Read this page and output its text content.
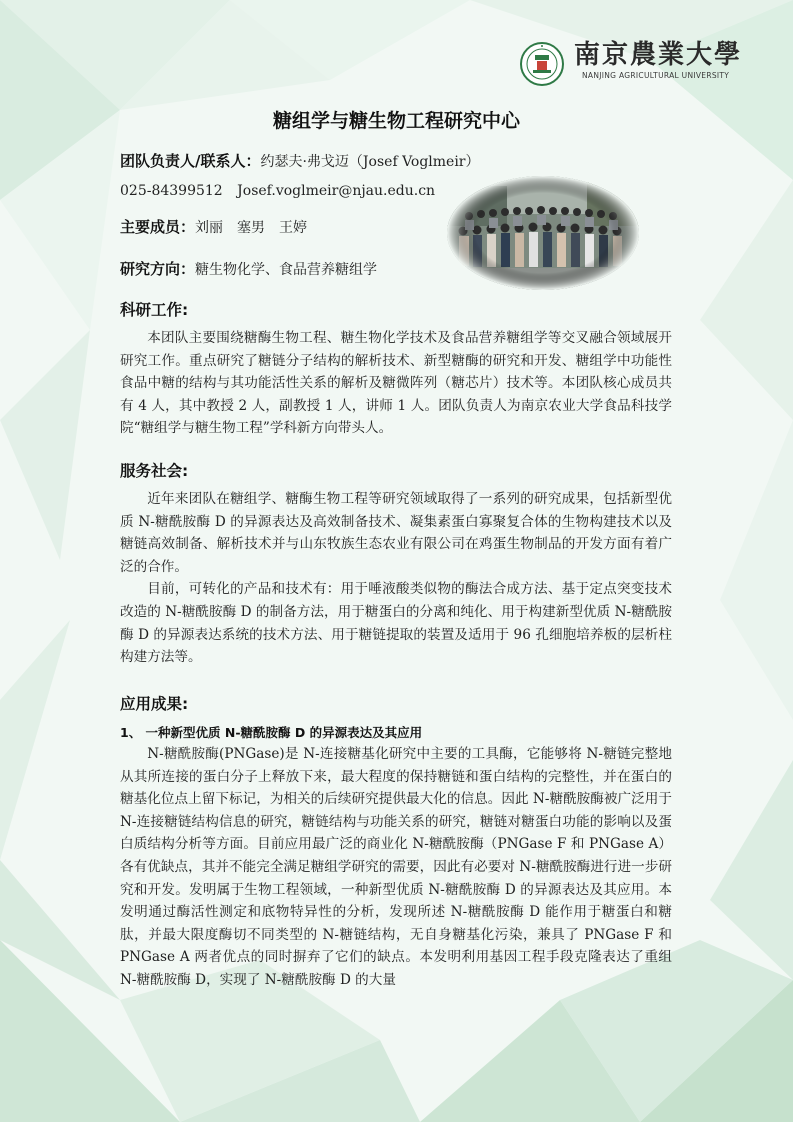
南京農業大學
NANJING AGRICULTURAL UNIVERSITY
糖组学与糖生物工程研究中心
团队负责人/联系人：约瑟夫·弗戈迈（Josef Voglmeir）
025-84399512 Josef.voglmeir@njau.edu.cn
主要成员：刘丽　塞男　王婷
研究方向：糖生物化学、食品营养糖组学
科研工作:

本团队主要围绕糖酶生物工程、糖生物化学技术及食品营养糖组学等交叉融合领域展开研究工作。重点研究了糖链分子结构的解析技术、新型糖酶的研究和开发、糖组学中功能性食品中糖的结构与其功能活性关系的解析及糖微阵列（糖芯片）技术等。本团队核心成员共有 4 人，其中教授 2 人，副教授 1 人，讲师 1 人。团队负责人为南京农业大学食品科技学院“糖组学与糖生物工程”学科新方向带头人。

服务社会:

近年来团队在糖组学、糖酶生物工程等研究领域取得了一系列的研究成果，包括新型优质 N-糖酰胺酶 D 的异源表达及高效制备技术、凝集素蛋白寡聚复合体的生物构建技术以及糖链高效制备、解析技术并与山东牧族生态农业有限公司在鸡蛋生物制品的开发方面有着广泛的合作。

目前，可转化的产品和技术有：用于唾液酸类似物的酶法合成方法、基于定点突变技术改造的 N-糖酰胺酶 D 的制备方法，用于糖蛋白的分离和纯化、用于构建新型优质 N-糖酰胺酶 D 的异源表达系统的技术方法、用于糖链提取的装置及适用于 96 孔细胞培养板的层析柱构建方法等。

应用成果:
1、 一种新型优质 N-糖酰胺酶 D 的异源表达及其应用

N-糖酰胺酶(PNGase)是 N-连接糖基化研究中主要的工具酶，它能够将 N-糖链完整地从其所连接的蛋白分子上释放下来，最大程度的保持糖链和蛋白结构的完整性，并在蛋白的糖基化位点上留下标记，为相关的后续研究提供最大化的信息。因此 N-糖酰胺酶被广泛用于 N-连接糖链结构信息的研究，糖链结构与功能关系的研究，糖链对糖蛋白功能的影响以及蛋白质结构分析等方面。目前应用最广泛的商业化 N-糖酰胺酶（PNGase F 和 PNGase A）各有优缺点，其并不能完全满足糖组学研究的需要，因此有必要对 N-糖酰胺酶进行进一步研究和开发。发明属于生物工程领域，一种新型优质 N-糖酰胺酶 D 的异源表达及其应用。本发明通过酶活性测定和底物特异性的分析，发现所述 N-糖酰胺酶 D 能作用于糖蛋白和糖肽，并最大限度酶切不同类型的 N-糖链结构，无自身糖基化污染，兼具了 PNGase F 和 PNGase A 两者优点的同时摒弃了它们的缺点。本发明利用基因工程手段克隆表达了重组 N-糖酰胺酶 D，实现了 N-糖酰胺酶 D 的大量
